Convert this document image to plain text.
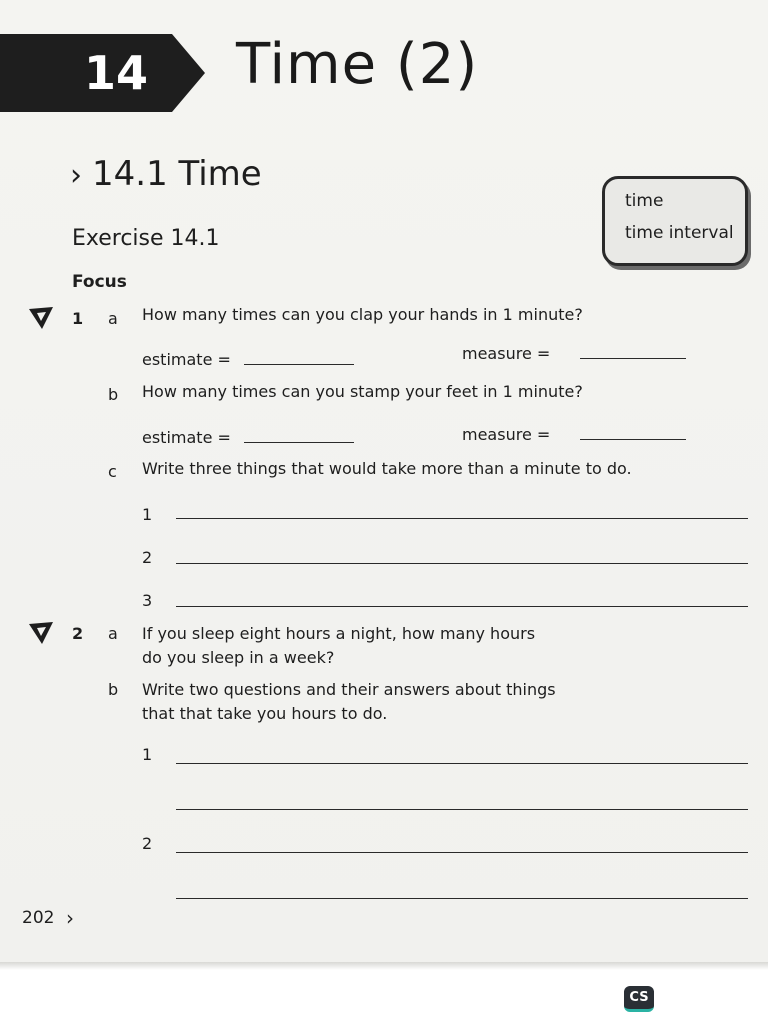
14 Time (2)
› 14.1 Time
time
time interval
Exercise 14.1
Focus
1 a How many times can you clap your hands in 1 minute?
estimate =	measure =
b How many times can you stamp your feet in 1 minute?
estimate =	measure =
c Write three things that would take more than a minute to do.
1
2
3
2 a If you sleep eight hours a night, how many hours
do you sleep in a week?
b Write two questions and their answers about things
that that take you hours to do.
1
2
202 ›
CS
